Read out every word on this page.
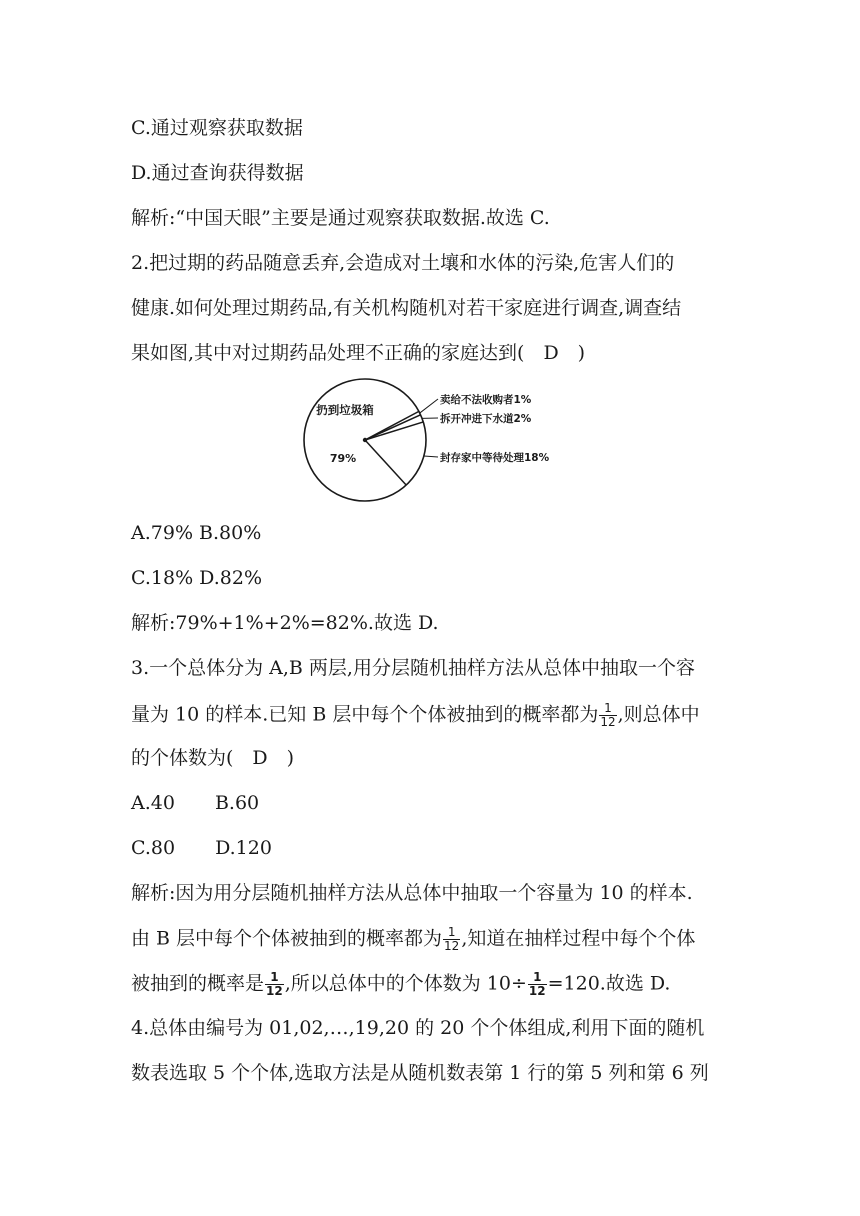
C.通过观察获取数据
D.通过查询获得数据
解析:“中国天眼”主要是通过观察获取数据.故选 C.
2.把过期的药品随意丢弃,会造成对土壤和水体的污染,危害人们的
健康.如何处理过期药品,有关机构随机对若干家庭进行调查,调查结
果如图,其中对过期药品处理不正确的家庭达到(　D　)
扔到垃圾箱
79%
卖给不法收购者1%
拆开冲进下水道2%
封存家中等待处理18%
A.79% B.80%
C.18% D.82%
解析:79%+1%+2%=82%.故选 D.
3.一个总体分为 A,B 两层,用分层随机抽样方法从总体中抽取一个容
量为 10 的样本.已知 B 层中每个个体被抽到的概率都为 $\frac{1}{12}$ ,则总体中
的个体数为(　D　)
A.40 B.60
C.80 D.120
解析:因为用分层随机抽样方法从总体中抽取一个容量为 10 的样本.
由 B 层中每个个体被抽到的概率都为 $\frac{1}{12}$ ,知道在抽样过程中每个个体
被抽到的概率是 $\frac{1}{12}$ ,所以总体中的个体数为 $10\div \frac{1}{12} =120$.故选 D.
4.总体由编号为 01,02,…,19,20 的 20 个个体组成,利用下面的随机
数表选取 5 个个体,选取方法是从随机数表第 1 行的第 5 列和第 6 列
